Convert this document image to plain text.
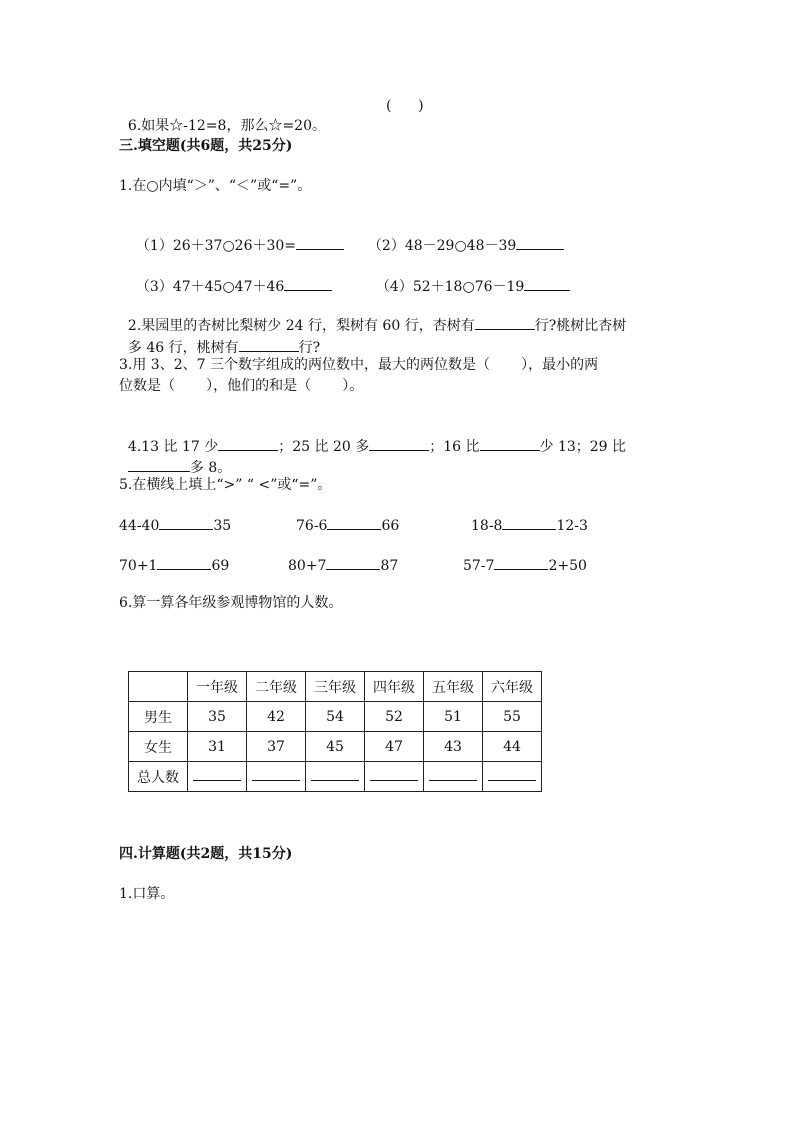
6.如果☆-12=8，那么☆=20。

(      )
三.填空题(共6题，共25分)
1.在○内填“＞”、“＜”或“=”。

（1）26＋37○26＋30=	（2）48－29○48－39

（3）47＋45○47＋46	（4）52＋18○76－19

2.果园里的杏树比梨树少 24 行，梨树有 60 行，杏树有	行?桃树比杏树

多 46 行，桃树有	行?

3.用 3、2、7 三个数字组成的两位数中，最大的两位数是（       ），最小的两
位数是（       ），他们的和是（       ）。

4.13 比 17 少	；25 比 20 多	；16 比	少 13；29 比

多 8。

5.在横线上填上“>” “ <”或“=”。
44-40	35	76-6	66	18-8	12-3
70+1	69	80+7	87	57-7	2+50
6.算一算各年级参观博物馆的人数。
	一年级	二年级	三年级	四年级	五年级	六年级
男生	35	42	54	52	51	55
女生	31	37	45	47	43	44
总人数						
四.计算题(共2题，共15分)
1.口算。
